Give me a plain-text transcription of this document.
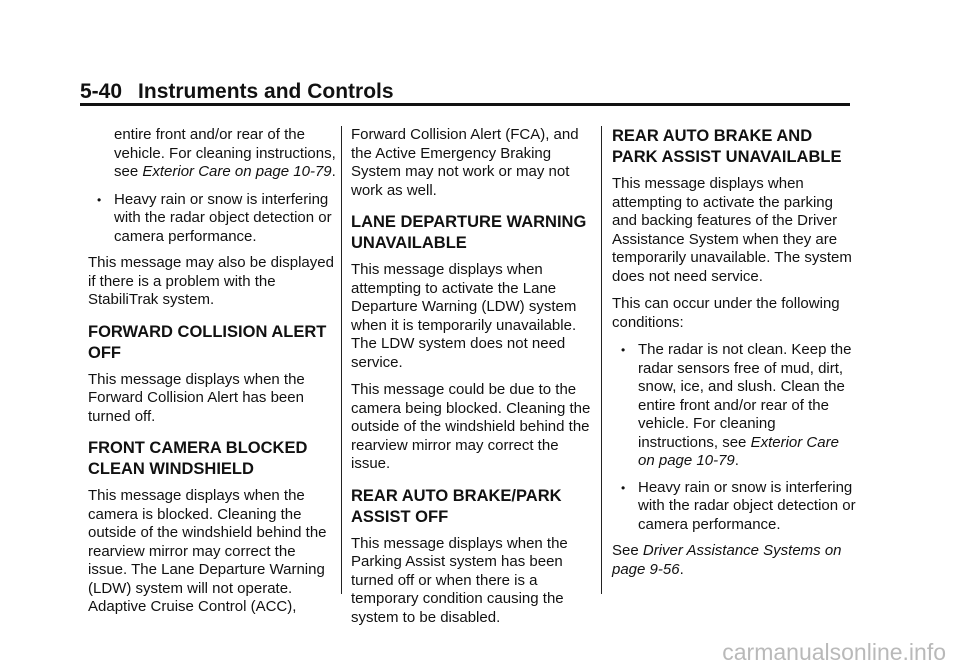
5-40 Instruments and Controls

entire front and/or rear of the vehicle. For cleaning instructions, see Exterior Care on page 10-79.

• Heavy rain or snow is interfering with the radar object detection or camera performance.

This message may also be displayed if there is a problem with the StabiliTrak system.

FORWARD COLLISION ALERT OFF

This message displays when the Forward Collision Alert has been turned off.

FRONT CAMERA BLOCKED CLEAN WINDSHIELD

This message displays when the camera is blocked. Cleaning the outside of the windshield behind the rearview mirror may correct the issue. The Lane Departure Warning (LDW) system will not operate. Adaptive Cruise Control (ACC),

Forward Collision Alert (FCA), and the Active Emergency Braking System may not work or may not work as well.

LANE DEPARTURE WARNING UNAVAILABLE

This message displays when attempting to activate the Lane Departure Warning (LDW) system when it is temporarily unavailable. The LDW system does not need service.

This message could be due to the camera being blocked. Cleaning the outside of the windshield behind the rearview mirror may correct the issue.

REAR AUTO BRAKE/PARK ASSIST OFF

This message displays when the Parking Assist system has been turned off or when there is a temporary condition causing the system to be disabled.

REAR AUTO BRAKE AND PARK ASSIST UNAVAILABLE

This message displays when attempting to activate the parking and backing features of the Driver Assistance System when they are temporarily unavailable. The system does not need service.

This can occur under the following conditions:

• The radar is not clean. Keep the radar sensors free of mud, dirt, snow, ice, and slush. Clean the entire front and/or rear of the vehicle. For cleaning instructions, see Exterior Care on page 10-79.
• Heavy rain or snow is interfering with the radar object detection or camera performance.

See Driver Assistance Systems on page 9-56.

carmanualsonline.info
